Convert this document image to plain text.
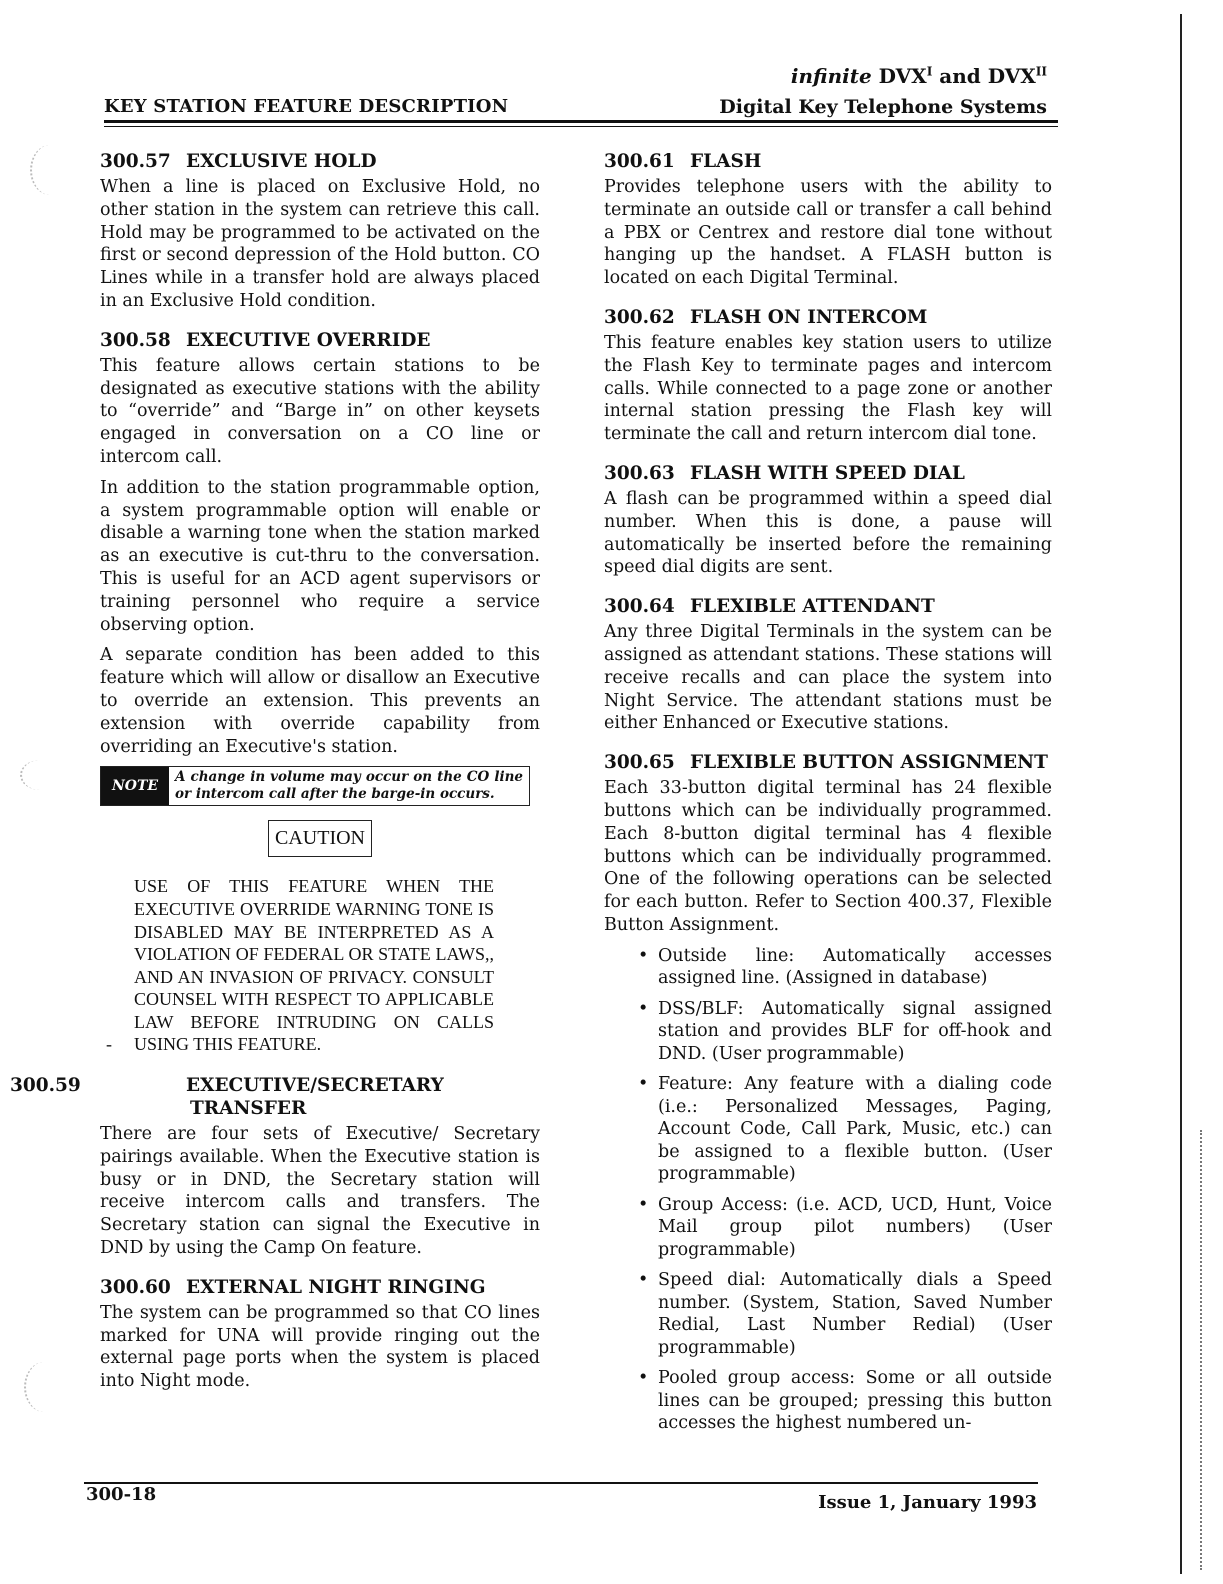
KEY STATION FEATURE DESCRIPTION
infinite $DVX^I$ and $DVX^{II}$
Digital Key Telephone Systems
300.57 EXCLUSIVE HOLD

When a line is placed on Exclusive Hold, no other station in the system can retrieve this call. Hold may be programmed to be activated on the first or second depression of the Hold button. CO Lines while in a transfer hold are always placed in an Exclusive Hold condition.

300.58 EXECUTIVE OVERRIDE

This feature allows certain stations to be designated as executive stations with the ability to “override” and “Barge in” on other keysets engaged in conversation on a CO line or intercom call.

In addition to the station programmable option, a system programmable option will enable or disable a warning tone when the station marked as an executive is cut-thru to the conversation. This is useful for an ACD agent supervisors or training personnel who require a service observing option.

A separate condition has been added to this feature which will allow or disallow an Executive to override an extension. This prevents an extension with override capability from overriding an Executive's station.

NOTE
A change in volume may occur on the CO line or intercom call after the barge-in occurs.
CAUTION
-
USE OF THIS FEATURE WHEN THE EXECUTIVE OVERRIDE WARNING TONE IS DISABLED MAY BE INTERPRETED AS A VIOLATION OF FEDERAL OR STATE LAWS,, AND AN INVASION OF PRIVACY. CONSULT COUNSEL WITH RESPECT TO APPLICABLE LAW BEFORE INTRUDING ON CALLS USING THIS FEATURE.
300.59	EXECUTIVE/SECRETARY TRANSFER

There are four sets of Executive/ Secretary pairings available. When the Executive station is busy or in DND, the Secretary station will receive intercom calls and transfers. The Secretary station can signal the Executive in DND by using the Camp On feature.

300.60 EXTERNAL NIGHT RINGING

The system can be programmed so that CO lines marked for UNA will provide ringing out the external page ports when the system is placed into Night mode.

300.61 FLASH

Provides telephone users with the ability to terminate an outside call or transfer a call behind a PBX or Centrex and restore dial tone without hanging up the handset. A FLASH button is located on each Digital Terminal.

300.62 FLASH ON INTERCOM

This feature enables key station users to utilize the Flash Key to terminate pages and intercom calls. While connected to a page zone or another internal station pressing the Flash key will terminate the call and return intercom dial tone.

300.63 FLASH WITH SPEED DIAL

A flash can be programmed within a speed dial number. When this is done, a pause will automatically be inserted before the remaining speed dial digits are sent.

300.64 FLEXIBLE ATTENDANT

Any three Digital Terminals in the system can be assigned as attendant stations. These stations will receive recalls and can place the system into Night Service. The attendant stations must be either Enhanced or Executive stations.

300.65 FLEXIBLE BUTTON ASSIGNMENT

Each 33-button digital terminal has 24 flexible buttons which can be individually programmed. Each 8-button digital terminal has 4 flexible buttons which can be individually programmed. One of the following operations can be selected for each button. Refer to Section 400.37, Flexible Button Assignment.

• Outside line: Automatically accesses assigned line. (Assigned in database)
• DSS/BLF: Automatically signal assigned station and provides BLF for off-hook and DND. (User programmable)
• Feature: Any feature with a dialing code (i.e.: Personalized Messages, Paging, Account Code, Call Park, Music, etc.) can be assigned to a flexible button. (User programmable)
• Group Access: (i.e. ACD, UCD, Hunt, Voice Mail group pilot numbers) (User programmable)
• Speed dial: Automatically dials a Speed number. (System, Station, Saved Number Redial, Last Number Redial) (User programmable)
• Pooled group access: Some or all outside lines can be grouped; pressing this button accesses the highest numbered un-
300-18	Issue 1, January 1993
